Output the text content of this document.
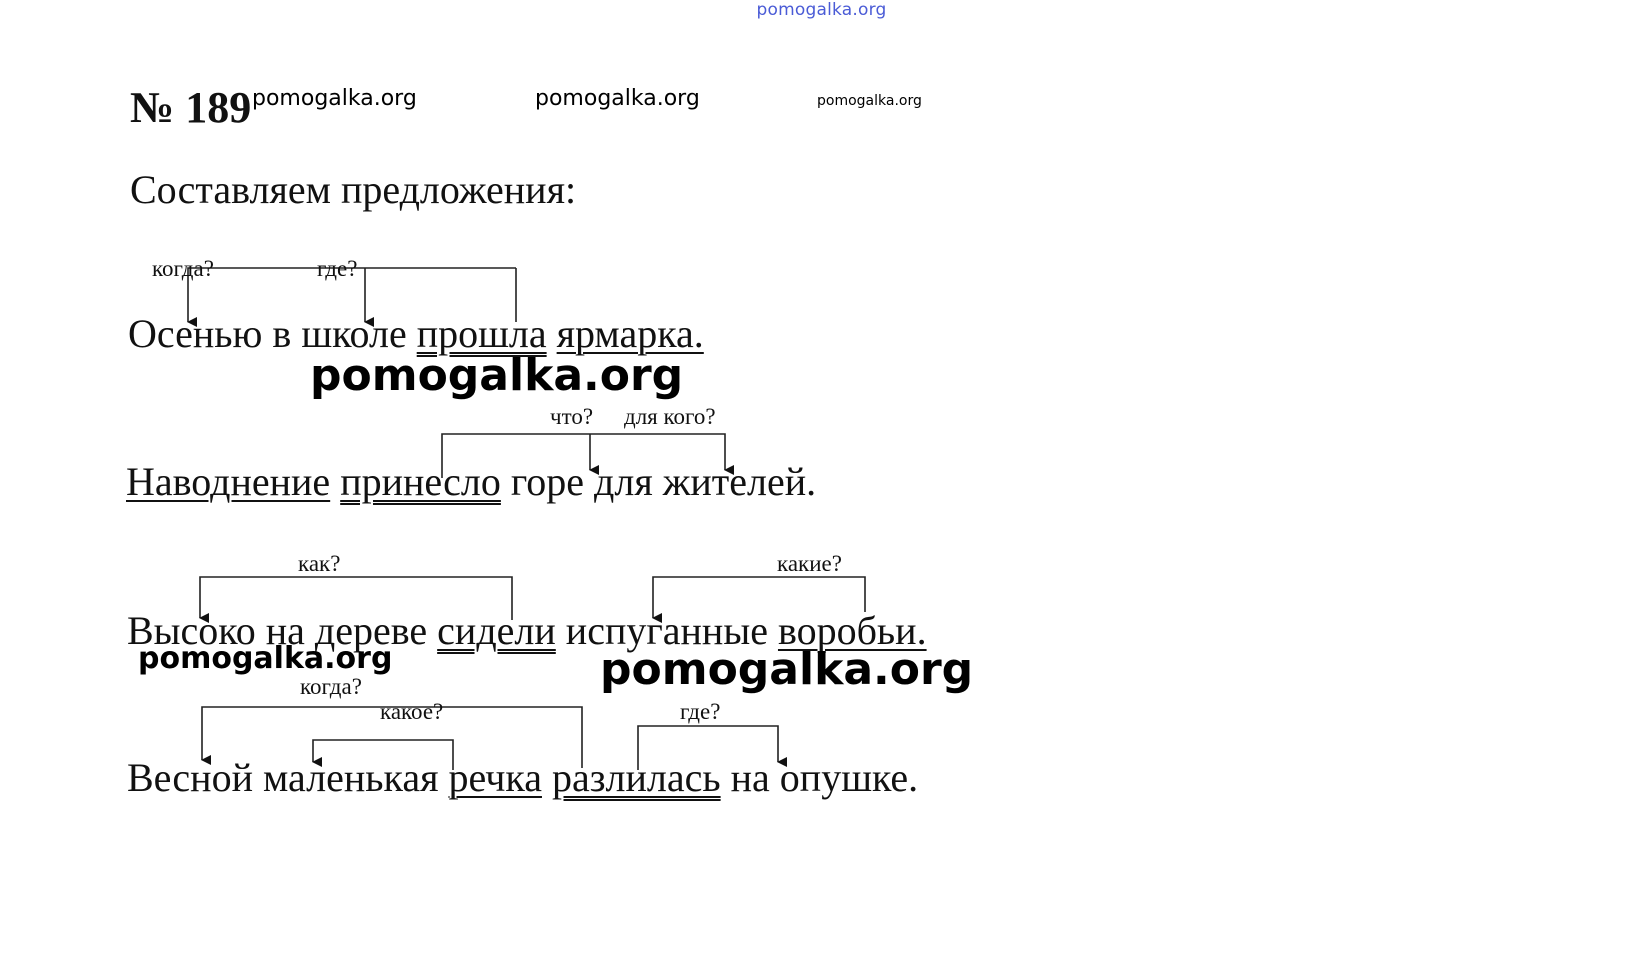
pomogalka.org
pomogalka.org	pomogalka.org	pomogalka.org
№ 189
Составляем предложения:
когда?	где?
Осенью в школе прошла ярмарка.
pomogalka.org
что? для кого?
Наводнение принесло горе для жителей.
как?	какие?
Высоко на дереве сидели испуганные воробьи.
pomogalka.org	pomogalka.org
когда?
какое?	где?
Весной маленькая речка разлилась на опушке.
